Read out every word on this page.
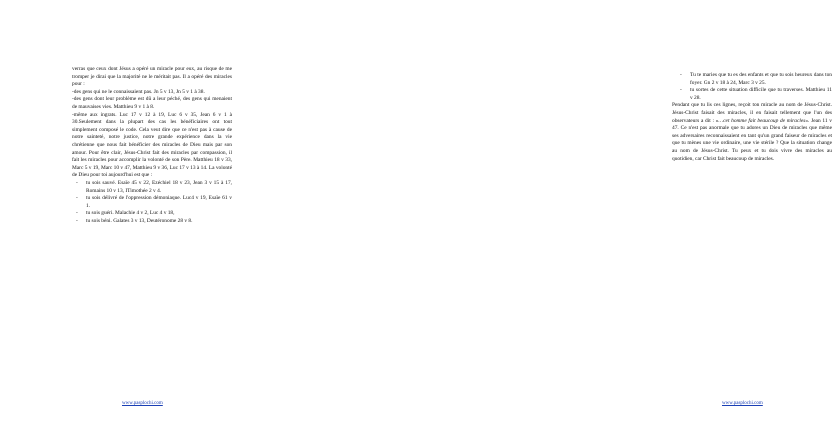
verras que ceux dont Jésus a opéré un miracle pour eux, au risque de me tromper je dirai que la majorité ne le méritait pas. Il a opéré des miracles pour :

-des gens qui ne le connaissaient pas. Jn 5 v 13, Jn 5 v 1 à 38.

-des gens dont leur problème est dû a leur péché, des gens qui menaient de mauvaises vies. Matthieu 9 v 1 à 8.

-même aux ingrats. Luc 17 v 12 à 19, Luc 6 v 35, Jean 6 v 1 à 30.Seulement dans la plupart des cas les bénéficiaires ont tout simplement composé le code. Cela veut dire que ce n'est pas à cause de notre sainteté, notre justice, notre grande expérience dans la vie chrétienne que nous fait bénéficier des miracles de Dieu mais par son amour. Pour être clair, Jésus-Christ fait des miracles par compassion, il fait les miracles pour accomplir la volonté de son Père. Matthieu 18 v 33, Marc 5 v 19, Marc 10 v 47, Matthieu 9 v 36, Luc 17 v 13 à 14. La volonté de Dieu pour toi aujourd'hui est que :

- tu sois sauvé. Esaïe 45 v 22, Ezéchiel 18 v 23, Jean 3 v 15 à 17, Romains 10 v 13, ITimothée 2 v 4.
- tu sois délivré de l'oppression démoniaque. Luc4 v 19, Esaïe 61 v 1.
- tu sois guéri. Malachie 4 v 2, Luc 4 v 18,
- tu sois béni. Galates 3 v 13, Deutéronome 28 v 8.
www.pasplochi.com
- Tu te maries que tu es des enfants et que tu sois heureux dans ton foyer. Gn 2 v 18 à 24, Marc 3 v 25.
- tu sortes de cette situation difficile que tu traverses. Matthieu 11 v 28.

Pendant que tu lis ces lignes, reçoit ton miracle au nom de Jésus-Christ. Jésus-Christ faisait des miracles, il en faisait tellement que l'un des observateurs a dit : «…cet homme fait beaucoup de miracles». Jean 11 v 47. Ce n'est pas anormale que tu adores un Dieu de miracles que même ses adversaires reconnaissaient en tant qu'un grand faiseur de miracles et que tu mènes une vie ordinaire, une vie stérile ? Que la situation change au nom de Jésus-Christ. Tu peux et tu dois vivre des miracles au quotidien, car Christ fait beaucoup de miracles.

www.pasplochi.com
